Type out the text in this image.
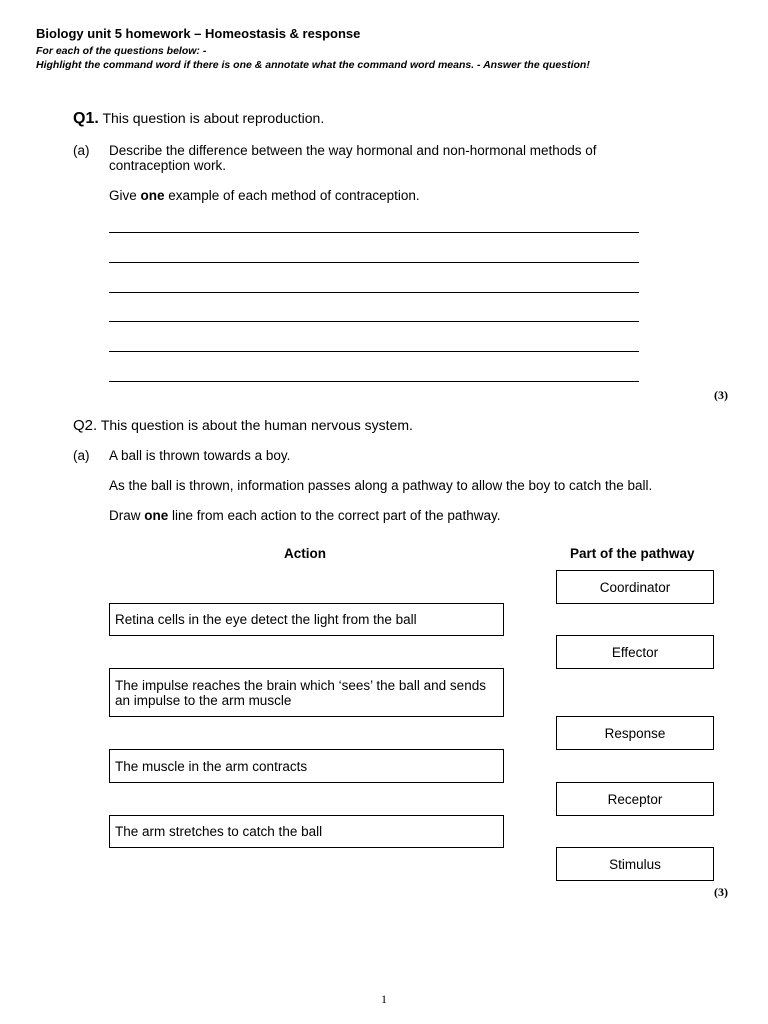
Biology unit 5 homework – Homeostasis & response
For each of the questions below: -
Highlight the command word if there is one & annotate what the command word means. - Answer the question!
Q1. This question is about reproduction.
(a) Describe the difference between the way hormonal and non-hormonal methods of
contraception work.
Give one example of each method of contraception.
(3)
Q2. This question is about the human nervous system.
(a) A ball is thrown towards a boy.
As the ball is thrown, information passes along a pathway to allow the boy to catch the ball.
Draw one line from each action to the correct part of the pathway.
Action	Part of the pathway
Retina cells in the eye detect the light from the ball
The impulse reaches the brain which ‘sees’ the ball and sends an impulse to the arm muscle
The muscle in the arm contracts
The arm stretches to catch the ball
Coordinator
Effector
Response
Receptor
Stimulus
(3)
1
